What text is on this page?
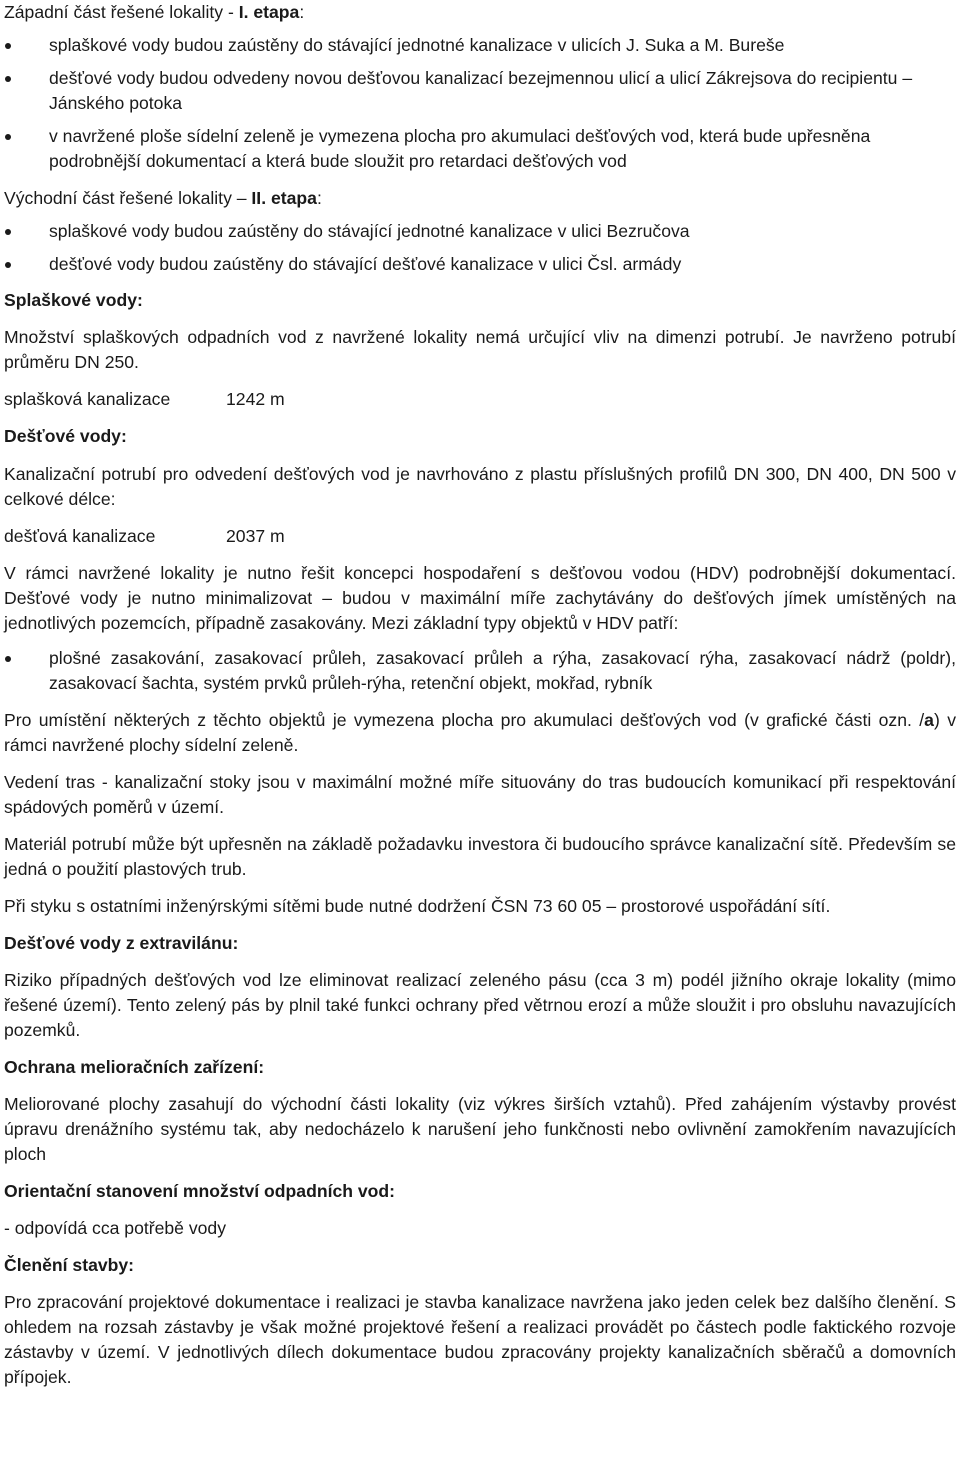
Západní část řešené lokality - I. etapa:

splaškové vody budou zaústěny do stávající jednotné kanalizace v ulicích J. Suka a M. Bureše
dešťové vody budou odvedeny novou dešťovou kanalizací bezejmennou ulicí a ulicí Zákrejsova do recipientu – Jánského potoka
v navržené ploše sídelní zeleně je vymezena plocha pro akumulaci dešťových vod, která bude upřesněna podrobnější dokumentací a která bude sloužit pro retardaci dešťových vod

Východní část řešené lokality – II. etapa:

splaškové vody budou zaústěny do stávající jednotné kanalizace v ulici Bezručova
dešťové vody budou zaústěny do stávající dešťové kanalizace v ulici Čsl. armády

Splaškové vody:

Množství splaškových odpadních vod z navržené lokality nemá určující vliv na dimenzi potrubí. Je navrženo potrubí průměru DN 250.

splašková kanalizace	1242 m

Dešťové vody:

Kanalizační potrubí pro odvedení dešťových vod je navrhováno z plastu příslušných profilů DN 300, DN 400, DN 500 v celkové délce:

dešťová kanalizace	2037 m

V rámci navržené lokality je nutno řešit koncepci hospodaření s dešťovou vodou (HDV) podrobnější dokumentací. Dešťové vody je nutno minimalizovat – budou v maximální míře zachytávány do dešťových jímek umístěných na jednotlivých pozemcích, případně zasakovány. Mezi základní typy objektů v HDV patří:

plošné zasakování, zasakovací průleh, zasakovací průleh a rýha, zasakovací rýha, zasakovací nádrž (poldr), zasakovací šachta, systém prvků průleh-rýha, retenční objekt, mokřad, rybník

Pro umístění některých z těchto objektů je vymezena plocha pro akumulaci dešťových vod (v grafické části ozn. /a) v rámci navržené plochy sídelní zeleně.

Vedení tras - kanalizační stoky jsou v maximální možné míře situovány do tras budoucích komunikací při respektování spádových poměrů v území.

Materiál potrubí může být upřesněn na základě požadavku investora či budoucího správce kanalizační sítě. Především se jedná o použití plastových trub.

Při styku s ostatními inženýrskými sítěmi bude nutné dodržení ČSN 73 60 05 – prostorové uspořádání sítí.

Dešťové vody z extravilánu:

Riziko případných dešťových vod lze eliminovat realizací zeleného pásu (cca 3 m) podél jižního okraje lokality (mimo řešené území). Tento zelený pás by plnil také funkci ochrany před větrnou erozí a může sloužit i pro obsluhu navazujících pozemků.

Ochrana melioračních zařízení:

Meliorované plochy zasahují do východní části lokality (viz výkres širších vztahů). Před zahájením výstavby provést úpravu drenážního systému tak, aby nedocházelo k narušení jeho funkčnosti nebo ovlivnění zamokřením navazujících ploch

Orientační stanovení množství odpadních vod:

- odpovídá cca potřebě vody

Členění stavby:

Pro zpracování projektové dokumentace i realizaci je stavba kanalizace navržena jako jeden celek bez dalšího členění. S ohledem na rozsah zástavby je však možné projektové řešení a realizaci provádět po částech podle faktického rozvoje zástavby v území. V jednotlivých dílech dokumentace budou zpracovány projekty kanalizačních sběračů a domovních přípojek.
